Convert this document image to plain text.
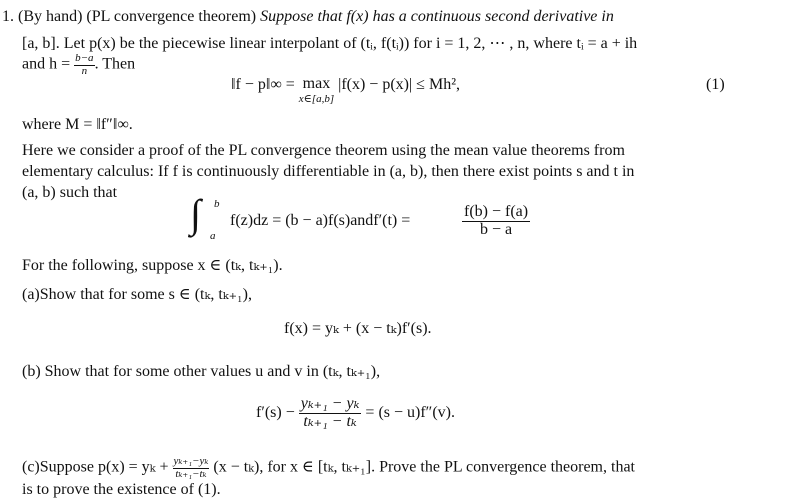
1. (By hand) (PL convergence theorem) Suppose that f(x) has a continuous second derivative in
[a, b]. Let p(x) be the piecewise linear interpolant of (tᵢ, f(tᵢ)) for i = 1, 2, ⋯ , n, where tᵢ = a + ih
and $h = \frac{b-a}{n}$ . Then
‖f − p‖∞ = max
x∈[a,b]
|f(x) − p(x)| ≤ Mh²,	(1)
where M = ‖f″‖∞.
Here we consider a proof of the PL convergence theorem using the mean value theorems from
elementary calculus: If f is continuously differentiable in (a, b), then there exist points s and t in
(a, b) such that ∫ b
a
f(z)dz = (b − a)f(s)andf′(t) =	$\frac{f(b) - f(a)}{b - a}$
For the following, suppose x ∈ (tₖ, tₖ₊₁).
(a)Show that for some s ∈ (tₖ, tₖ₊₁),
f(x) = yₖ + (x − tₖ)f′(s).
(b) Show that for some other values u and v in (tₖ, tₖ₊₁),
$f'(s) - \frac{\text{yₖ₊₁ − yₖ}}{\text{tₖ₊₁ − tₖ}} = (s - u)f''(v)$.
(c)Suppose $p(x) = y_k + \frac{\text{yₖ₊₁−yₖ}}{\text{tₖ₊₁−tₖ}} (x - t_k)$, for x ∈ [tₖ, tₖ₊₁]. Prove the PL convergence theorem, that
is to prove the existence of (1).
